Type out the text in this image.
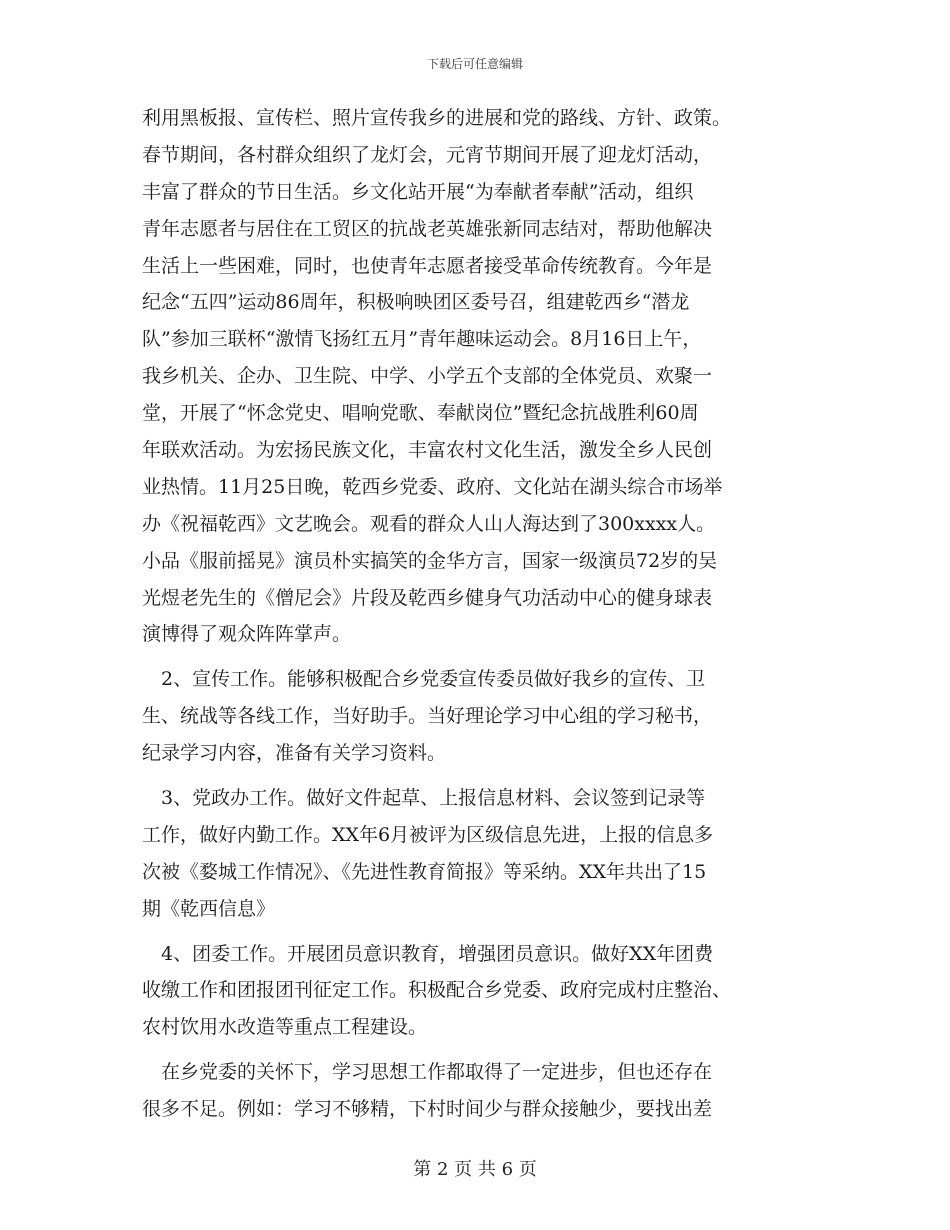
下载后可任意编辑
利用黑板报、宣传栏、照片宣传我乡的进展和党的路线、方针、政策。
春节期间，各村群众组织了龙灯会，元宵节期间开展了迎龙灯活动，
丰富了群众的节日生活。乡文化站开展“为奉献者奉献”活动，组织
青年志愿者与居住在工贸区的抗战老英雄张新同志结对，帮助他解决
生活上一些困难，同时，也使青年志愿者接受革命传统教育。今年是
纪念“五四”运动86周年，积极响映团区委号召，组建乾西乡“潜龙
队”参加三联杯“激情飞扬红五月”青年趣味运动会。8月16日上午，
我乡机关、企办、卫生院、中学、小学五个支部的全体党员、欢聚一
堂，开展了“怀念党史、唱响党歌、奉献岗位”暨纪念抗战胜利60周
年联欢活动。为宏扬民族文化，丰富农村文化生活，激发全乡人民创
业热情。11月25日晚，乾西乡党委、政府、文化站在湖头综合市场举
办《祝福乾西》文艺晚会。观看的群众人山人海达到了300xxxx人。
小品《服前摇晃》演员朴实搞笑的金华方言，国家一级演员72岁的吴
光煜老先生的《僧尼会》片段及乾西乡健身气功活动中心的健身球表
演博得了观众阵阵掌声。
　2、宣传工作。能够积极配合乡党委宣传委员做好我乡的宣传、卫
生、统战等各线工作，当好助手。当好理论学习中心组的学习秘书，
纪录学习内容，准备有关学习资料。
　3、党政办工作。做好文件起草、上报信息材料、会议签到记录等
工作，做好内勤工作。XX年6月被评为区级信息先进，上报的信息多
次被《婺城工作情况》、《先进性教育简报》等采纳。XX年共出了15
期《乾西信息》
　4、团委工作。开展团员意识教育，增强团员意识。做好XX年团费
收缴工作和团报团刊征定工作。积极配合乡党委、政府完成村庄整治、
农村饮用水改造等重点工程建设。
　在乡党委的关怀下，学习思想工作都取得了一定进步，但也还存在
很多不足。例如：学习不够精，下村时间少与群众接触少，要找出差
第 2 页 共 6 页
